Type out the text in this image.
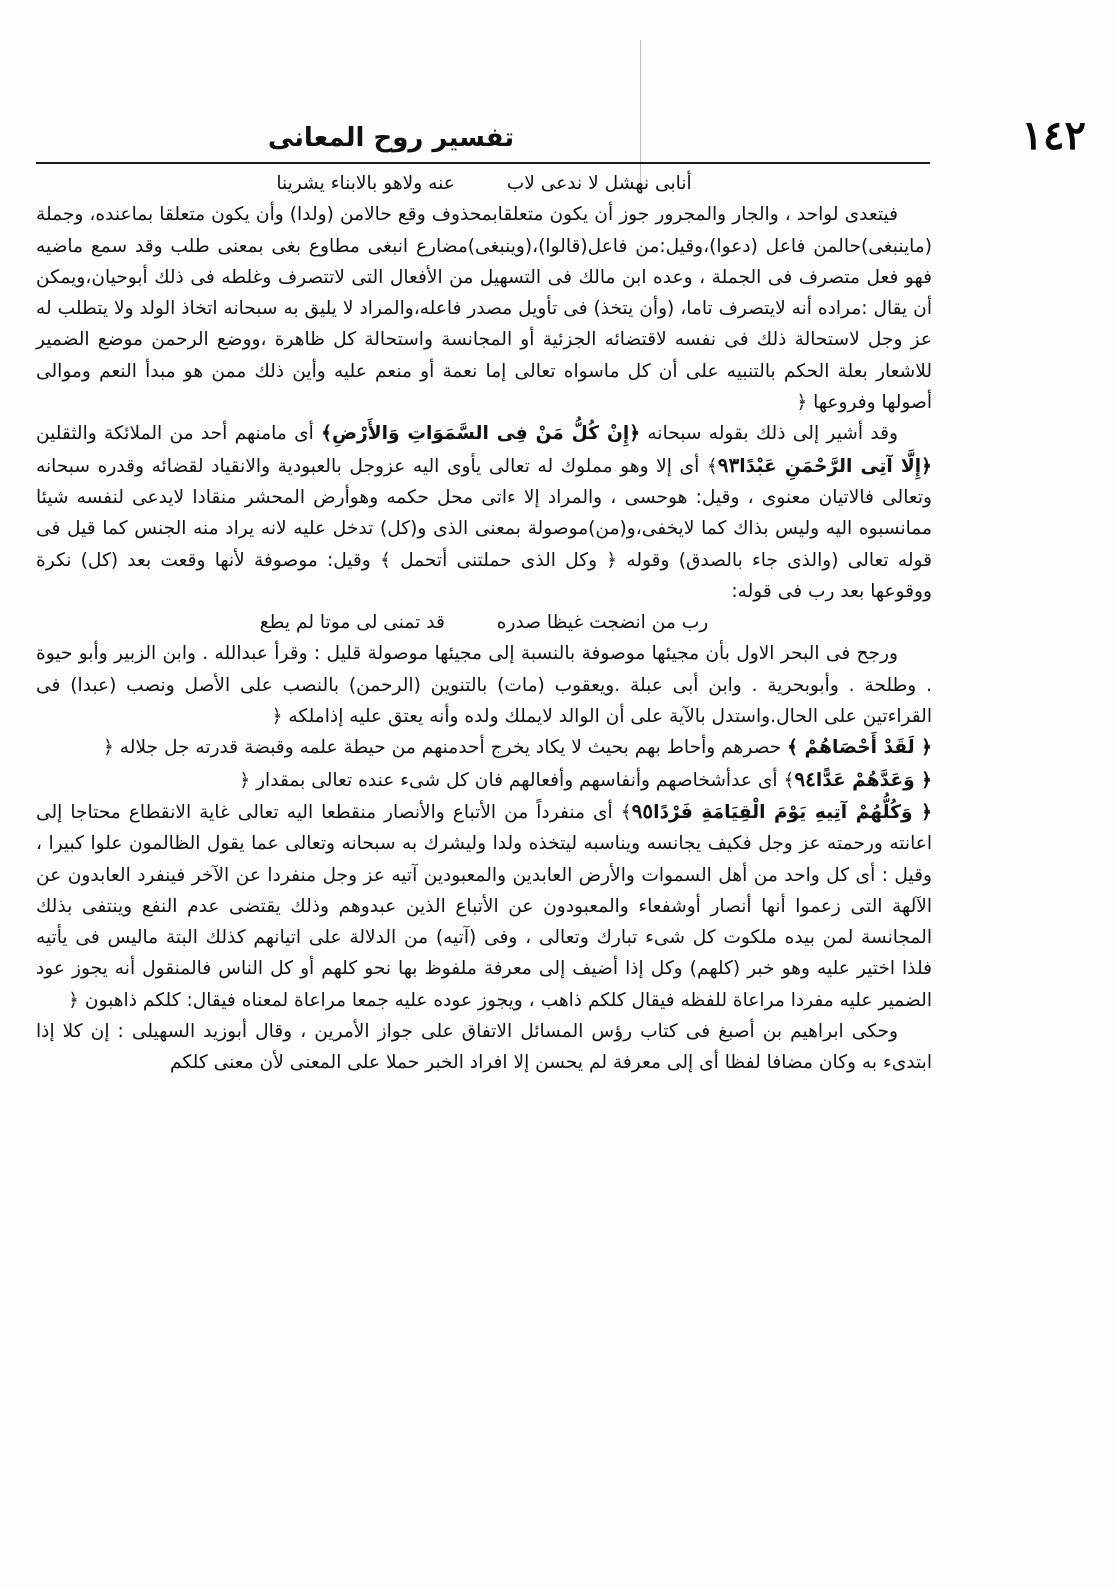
١٤٢
تفسير روح المعانى

أنابى نهشل لا ندعى لاب  عنه ولاهو بالابناء يشرينا

فيتعدى لواحد ، والجار والمجرور جوز أن يكون متعلقابمحذوف وقع حالامن (ولدا) وأن يكون متعلقا بماعنده، وجملة (ماينبغى)حالمن فاعل (دعوا)،وقيل:من فاعل(قالوا)،(وينبغى)مضارع انبغى مطاوع بغى بمعنى طلب وقد سمع ماضيه فهو فعل متصرف فى الجملة ، وعده ابن مالك فى التسهيل من الأفعال التى لاتتصرف وغلطه فى ذلك أبوحيان،ويمكن أن يقال :مراده أنه لايتصرف تاما، (وأن يتخذ) فى تأويل مصدر فاعله،والمراد لا يليق به سبحانه اتخاذ الولد ولا يتطلب له عز وجل لاستحالة ذلك فى نفسه لاقتضائه الجزئية أو المجانسة واستحالة كل ظاهرة ،ووضع الرحمن موضع الضمير للاشعار بعلة الحكم بالتنبيه على أن كل ماسواه تعالى إما نعمة أو منعم عليه وأين ذلك ممن هو مبدأ النعم وموالى أصولها وفروعها ﴿

وقد أشير إلى ذلك بقوله سبحانه ﴿إِنْ كُلُّ مَنْ فِى السَّمَوَاتِ وَالأَرْضِ﴾ أى مامنهم أحد من الملائكة والثقلين ﴿إِلَّا آتِى الرَّحْمَنِ عَبْدًا٩٣﴾ أى إلا وهو مملوك له تعالى يأوى اليه عزوجل بالعبودية والانقياد لقضائه وقدره سبحانه وتعالى فالاتيان معنوى ، وقيل: هوحسى ، والمراد إلا ءاتى محل حكمه وهوأرض المحشر منقادا لايدعى لنفسه شيئا ممانسبوه اليه وليس بذاك كما لايخفى،و(من)موصولة بمعنى الذى و(كل) تدخل عليه لانه يراد منه الجنس كما قيل فى قوله تعالى (والذى جاء بالصدق) وقوله ﴿ وكل الذى حملتنى أتحمل ﴾ وقيل: موصوفة لأنها وقعت بعد (كل) نكرة ووقوعها بعد رب فى قوله:

رب من انضجت غيظا صدره  قد تمنى لى موتا لم يطع

ورجح فى البحر الاول بأن مجيئها موصوفة بالنسبة إلى مجيئها موصولة قليل : وقرأ عبدالله . وابن الزبير وأبو حيوة . وطلحة . وأبوبحرية . وابن أبى عبلة .ويعقوب (مات) بالتنوين (الرحمن) بالنصب على الأصل ونصب (عبدا) فى القراءتين على الحال.واستدل بالآية على أن الوالد لايملك ولده وأنه يعتق عليه إذاملكه ﴿

﴿ لَقَدْ أَحْصَاهُمْ ﴾ حصرهم وأحاط بهم بحيث لا يكاد يخرج أحدمنهم من حيطة علمه وقبضة قدرته جل جلاله ﴿

﴿ وَعَدَّهُمْ عَدًّا٩٤﴾ أى عدأشخاصهم وأنفاسهم وأفعالهم فان كل شىء عنده تعالى بمقدار ﴿

﴿ وَكُلُّهُمْ آتِيهِ يَوْمَ الْقِيَامَةِ فَرْدًا٩٥﴾ أى منفرداً من الأتباع والأنصار منقطعا اليه تعالى غاية الانقطاع محتاجا إلى اعانته ورحمته عز وجل فكيف يجانسه ويناسبه ليتخذه ولدا وليشرك به سبحانه وتعالى عما يقول الظالمون علوا كبيرا ، وقيل : أى كل واحد من أهل السموات والأرض العابدين والمعبودين آتيه عز وجل منفردا عن الآخر فينفرد العابدون عن الآلهة التى زعموا أنها أنصار أوشفعاء والمعبودون عن الأتباع الذين عبدوهم وذلك يقتضى عدم النفع وينتفى بذلك المجانسة لمن بيده ملكوت كل شىء تبارك وتعالى ، وفى (آتيه) من الدلالة على اتيانهم كذلك البتة ماليس فى يأتيه فلذا اختير عليه وهو خبر (كلهم) وكل إذا أضيف إلى معرفة ملفوظ بها نحو كلهم أو كل الناس فالمنقول أنه يجوز عود الضمير عليه مفردا مراعاة للفظه فيقال كلكم ذاهب ، ويجوز عوده عليه جمعا مراعاة لمعناه فيقال: كلكم ذاهبون ﴿

وحكى ابراهيم بن أصبغ فى كتاب رؤس المسائل الاتفاق على جواز الأمرين ، وقال أبوزيد السهيلى : إن كلا إذا ابتدىء به وكان مضافا لفظا أى إلى معرفة لم يحسن إلا افراد الخبر حملا على المعنى لأن معنى كلكم
